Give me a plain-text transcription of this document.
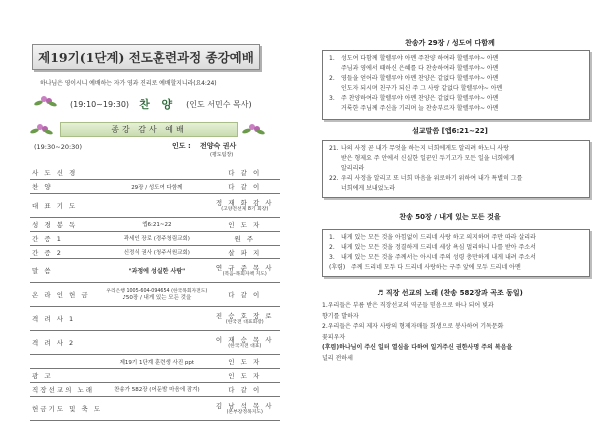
제19기(1단계) 전도훈련과정 종강예배
하나님은 영이시니 예배하는 자가 영과 진리로 예배할지니라(요4:24)
(19:10~19:30) 찬 양 (인도 서민수 목사)
종강 감사 예배
(19:30~20:30)	인도 : 전양숙 권사
(평도팀장)
사 도 신 경		다 같 이
찬 양	29장 / 성도여 다함께	다 같 이
대 표 기 도		정 재 화 감 사
(고양전선제 8기 회장)

성 경 봉 독	엡6:21~22	인 도 자
간 증 1	곽세인 장로 (경주청림교회)	원 주
간 증 2	신정식 권사 (청주서원교회)	살 파 지
말 씀	"과정에 성실한 사람"	연 규 준 목 사
(복음-목회자책 지도)

온 라 인 헌 금	우리은행 1005-604-094654 (한국목회자전도)
♪50장 / 내게 있는 모든 것을	다 같 이
격 려 사 1		진 승 호 장 로
(한국전 대표회장)

격 려 사 2		이 재 승 목 사
(한국지전 대표)

	제19기 1단계 훈련생 사진 ppt	인 도 자
광 고		인 도 자
직장선교의 노래	찬송가 582장 (어둔밤 마음에 잠겨)	다 같 이
헌금기도 및 축 도		김 남 석 목 사
(본부장정목지도)
찬송가 29장 / 성도여 다함께
1. 성도여 다함께 할렐루야 아멘 주찬양 하여라 할렐루야~ 아멘
주님과 영에서 때하신 은혜를 다 찬송하여라 할렐루야~ 아멘
2. 영들을 얻어라 할렐루야 아멘 찬양은 같없다 할렐루야~ 아멘
인도자 되시며 친구가 되신 주 그 사랑 같없다 할렐루야~ 아멘
3. 주 찬양하여라 할렐루야 아멘 찬양은 같없다 할렐루야~ 아멘
거룩한 주님께 주신을 기리며 늘 찬송부르자 할렐루야~ 아멘
설교말씀 [엡6:21~22]
21. 나의 사정 곧 내가 무엇을 하는지 너희에게도 알리려 하노니 사랑
받은 형제요 주 안에서 신실한 일꾼인 두기고가 모든 일을 너희에게
알리리라
22. 우리 사정을 알리고 또 너희 마음을 위로하기 위하여 내가 특별히 그를
너희에게 보내었노라
찬송 50장 / 내게 있는 모든 것을
1. 내게 있는 모든 것을 아낌없이 드리네 사랑 하고 의지하며 주만 따라 살리라
2. 내게 있는 모든 것을 정결하게 드리네 세상 욕심 멀리하니 나를 받아 주소서
3. 내게 있는 모든 것을 주께서는 아시네 주의 성령 충만하게 내게 내려 주소서
(후렴) 주께 드리네 모두 다 드리네 사랑하는 구주 앞에 모두 드리네 아멘
♬ 직장 선교의 노래 (찬송 582장과 곡조 동일)
1.우리들은 부름 받은 직장선교의 역군들 믿음으로 하나 되어 빛과
향기를 발하자
2.우리들은 주의 제자 사랑의 형제자매들 희생으로 봉사하여 기독문화
꽃피우자
(후렴)하나님이 주신 일터 열심을 다하여 일거주신 권한사명 주의 복음을
널리 전하세
